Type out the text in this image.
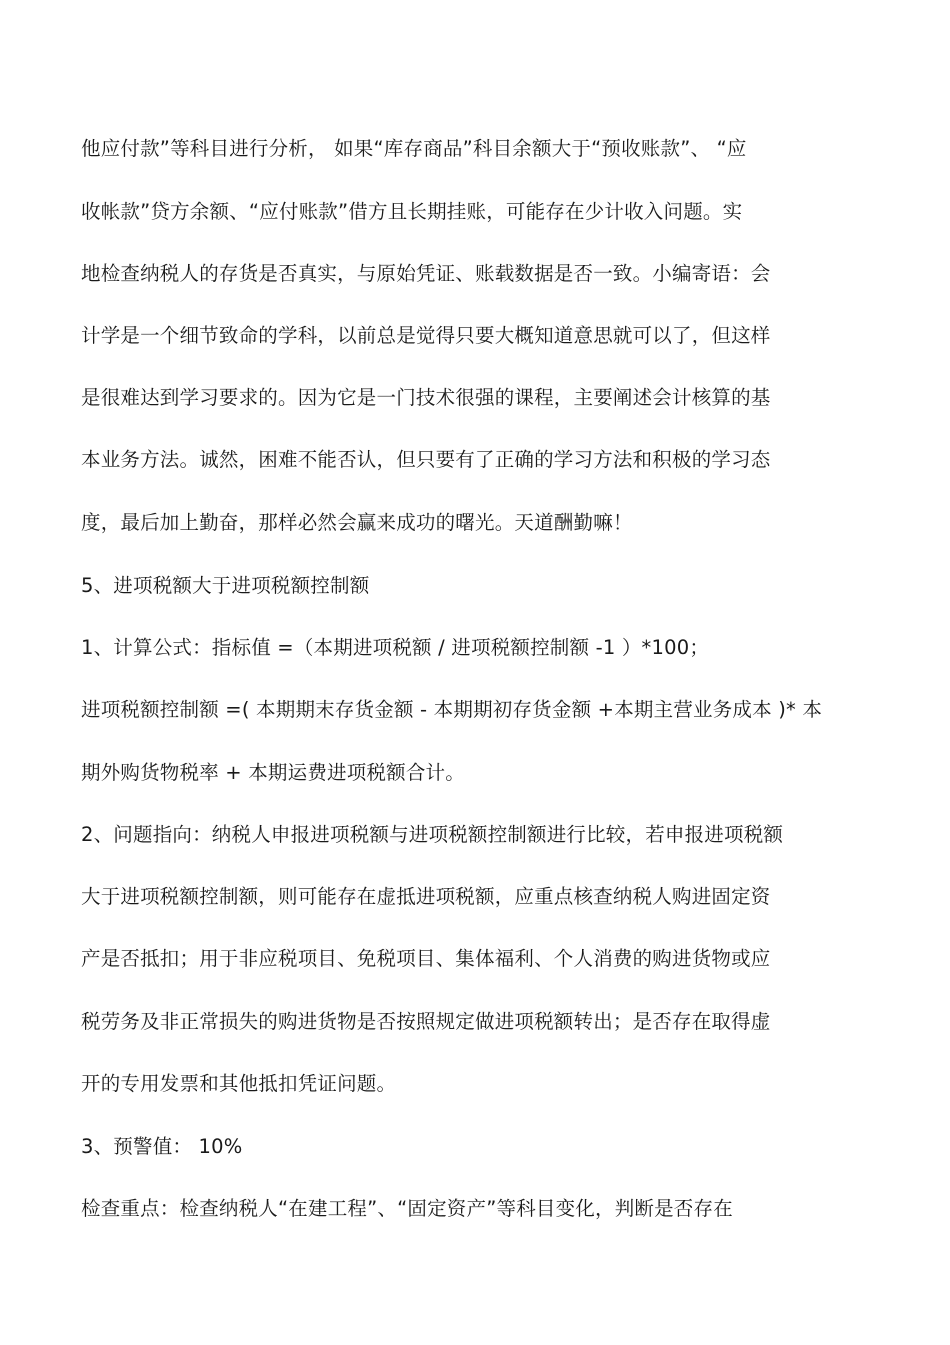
他应付款”等科目进行分析， 如果“库存商品”科目余额大于“预收账款”、 “应
收帐款”贷方余额、“应付账款”借方且长期挂账，可能存在少计收入问题。实
地检查纳税人的存货是否真实，与原始凭证、账载数据是否一致。小编寄语：会
计学是一个细节致命的学科，以前总是觉得只要大概知道意思就可以了，但这样
是很难达到学习要求的。因为它是一门技术很强的课程，主要阐述会计核算的基
本业务方法。诚然，困难不能否认，但只要有了正确的学习方法和积极的学习态
度，最后加上勤奋，那样必然会赢来成功的曙光。天道酬勤嘛！
5、进项税额大于进项税额控制额
1、计算公式：指标值 =（本期进项税额 / 进项税额控制额 -1 ）*100；
进项税额控制额 =( 本期期末存货金额 - 本期期初存货金额 +本期主营业务成本 )* 本
期外购货物税率 + 本期运费进项税额合计。
2、问题指向：纳税人申报进项税额与进项税额控制额进行比较，若申报进项税额
大于进项税额控制额，则可能存在虚抵进项税额，应重点核查纳税人购进固定资
产是否抵扣；用于非应税项目、免税项目、集体福利、个人消费的购进货物或应
税劳务及非正常损失的购进货物是否按照规定做进项税额转出；是否存在取得虚
开的专用发票和其他抵扣凭证问题。
3、预警值： 10%
检查重点：检查纳税人“在建工程”、“固定资产”等科目变化，判断是否存在
